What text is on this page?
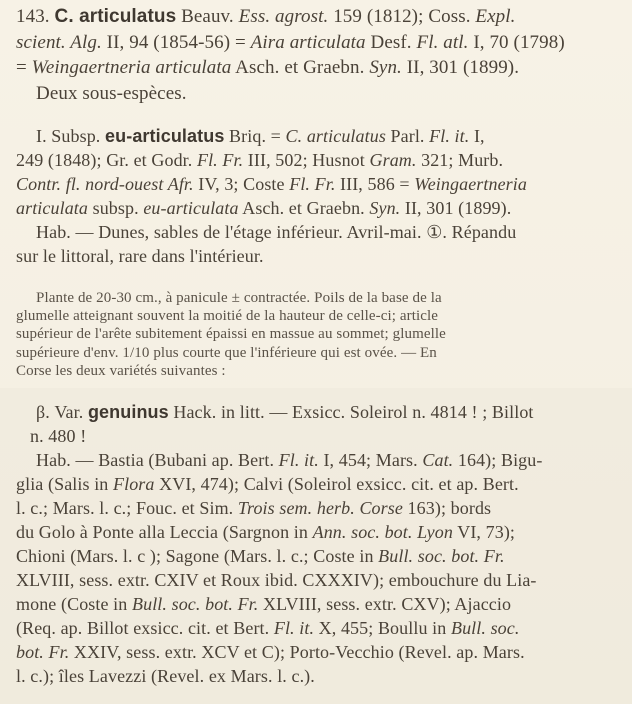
143. C. articulatus Beauv. Ess. agrost. 159 (1812); Coss. Expl.
scient. Alg. II, 94 (1854-56) = Aira articulata Desf. Fl. atl. I, 70 (1798)
= Weingaertneria articulata Asch. et Graebn. Syn. II, 301 (1899).
Deux sous-espèces.
I. Subsp. eu-articulatus Briq. = C. articulatus Parl. Fl. it. I,
249 (1848); Gr. et Godr. Fl. Fr. III, 502; Husnot Gram. 321; Murb.
Contr. fl. nord-ouest Afr. IV, 3; Coste Fl. Fr. III, 586 = Weingaertneria
articulata subsp. eu-articulata Asch. et Graebn. Syn. II, 301 (1899).
Hab. — Dunes, sables de l'étage inférieur. Avril-mai. ①. Répandu
sur le littoral, rare dans l'intérieur.
Plante de 20-30 cm., à panicule ± contractée. Poils de la base de la
glumelle atteignant souvent la moitié de la hauteur de celle-ci; article
supérieur de l'arête subitement épaissi en massue au sommet; glumelle
supérieure d'env. 1/10 plus courte que l'inférieure qui est ovée. — En
Corse les deux variétés suivantes :
β. Var. genuinus Hack. in litt. — Exsicc. Soleirol n. 4814 ! ; Billot
n. 480 !
Hab. — Bastia (Bubani ap. Bert. Fl. it. I, 454; Mars. Cat. 164); Bigu-
glia (Salis in Flora XVI, 474); Calvi (Soleirol exsicc. cit. et ap. Bert.
l. c.; Mars. l. c.; Fouc. et Sim. Trois sem. herb. Corse 163); bords
du Golo à Ponte alla Leccia (Sargnon in Ann. soc. bot. Lyon VI, 73);
Chioni (Mars. l. c ); Sagone (Mars. l. c.; Coste in Bull. soc. bot. Fr.
XLVIII, sess. extr. CXIV et Roux ibid. CXXXIV); embouchure du Lia-
mone (Coste in Bull. soc. bot. Fr. XLVIII, sess. extr. CXV); Ajaccio
(Req. ap. Billot exsicc. cit. et Bert. Fl. it. X, 455; Boullu in Bull. soc.
bot. Fr. XXIV, sess. extr. XCV et C); Porto-Vecchio (Revel. ap. Mars.
l. c.); îles Lavezzi (Revel. ex Mars. l. c.).
